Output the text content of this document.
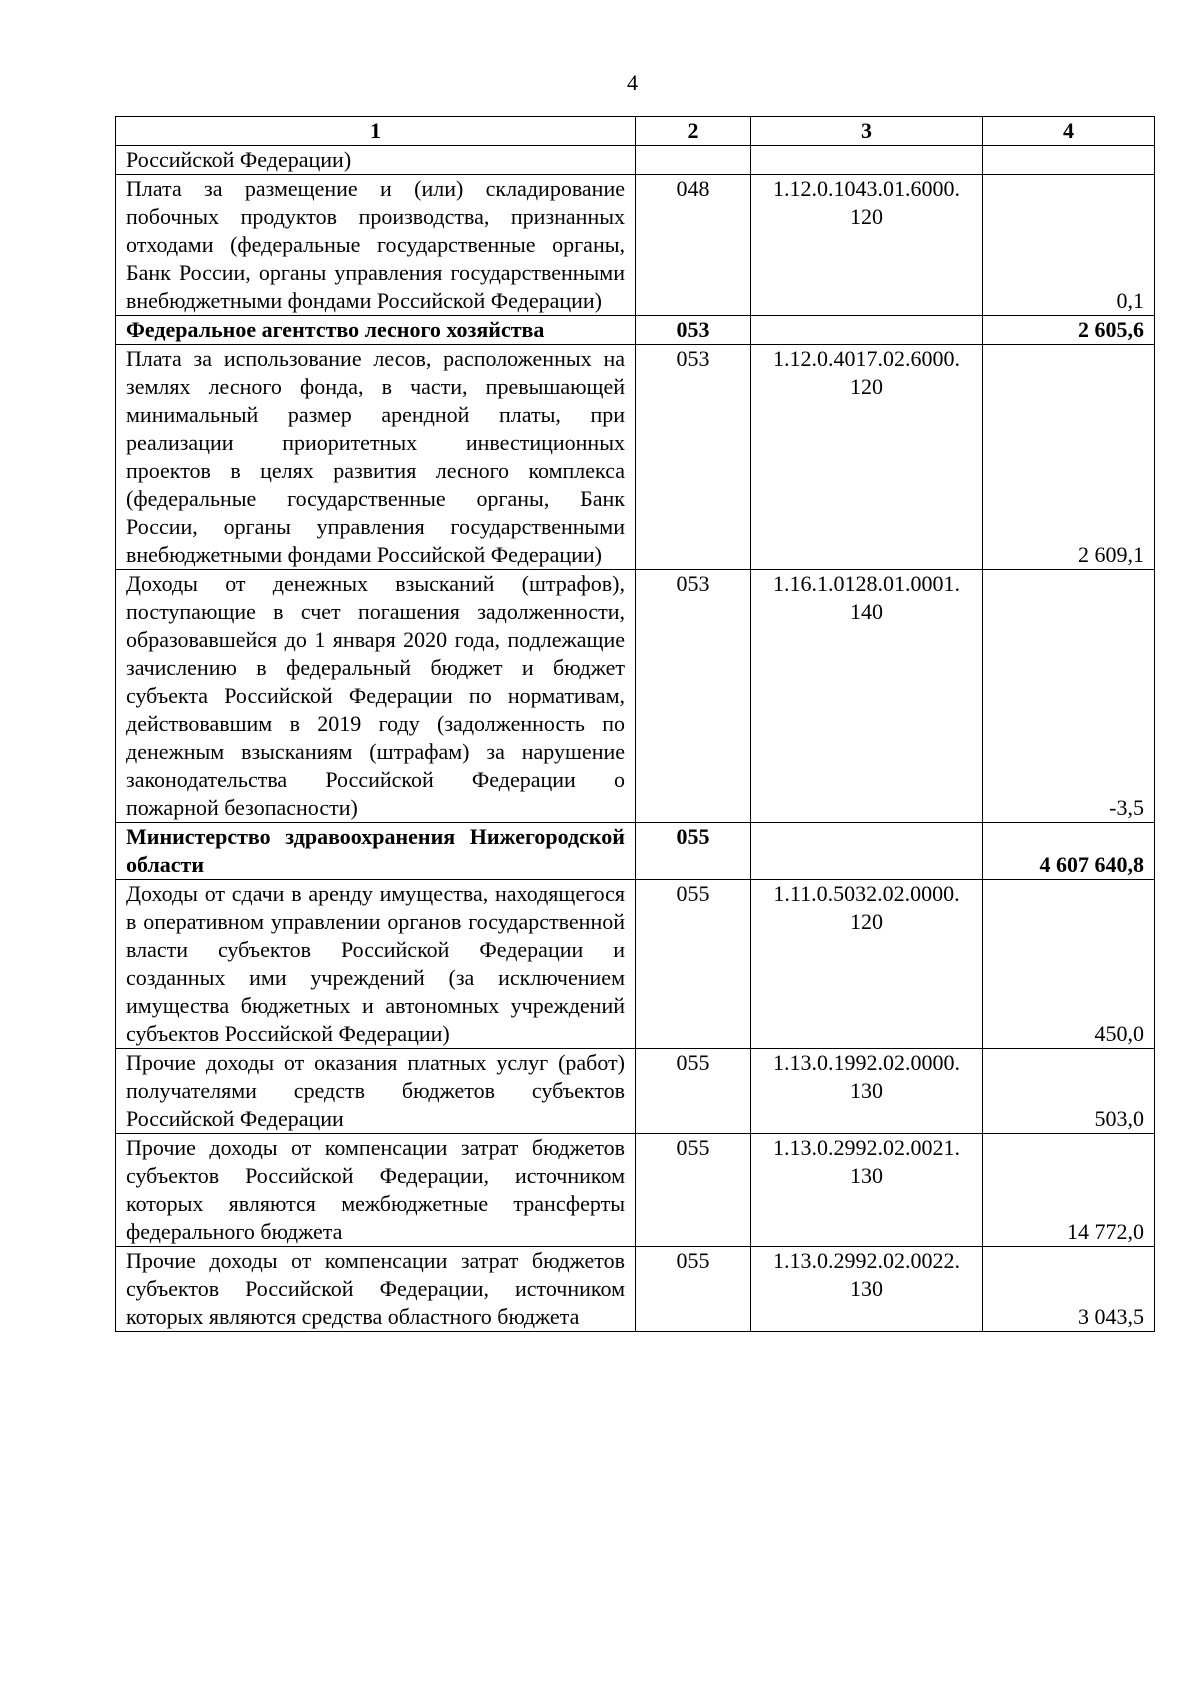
4
1	2	3	4
Российской Федерации)			
Плата за размещение и (или) складирование побочных продуктов производства, признанных отходами (федеральные государственные органы, Банк России, органы управления государственными внебюджетными фондами Российской Федерации)	048	1.12.0.1043.01.6000. 120	0,1
Федеральное агентство лесного хозяйства	053		2 605,6
Плата за использование лесов, расположенных на землях лесного фонда, в части, превышающей минимальный размер арендной платы, при реализации приоритетных инвестиционных проектов в целях развития лесного комплекса (федеральные государственные органы, Банк России, органы управления государственными внебюджетными фондами Российской Федерации)	053	1.12.0.4017.02.6000. 120	2 609,1
Доходы от денежных взысканий (штрафов), поступающие в счет погашения задолженности, образовавшейся до 1 января 2020 года, подлежащие зачислению в федеральный бюджет и бюджет субъекта Российской Федерации по нормативам, действовавшим в 2019 году (задолженность по денежным взысканиям (штрафам) за нарушение законодательства Российской Федерации о пожарной безопасности)	053	1.16.1.0128.01.0001. 140	-3,5
Министерство здравоохранения Нижегородской области	055		4 607 640,8
Доходы от сдачи в аренду имущества, находящегося в оперативном управлении органов государственной власти субъектов Российской Федерации и созданных ими учреждений (за исключением имущества бюджетных и автономных учреждений субъектов Российской Федерации)	055	1.11.0.5032.02.0000. 120	450,0
Прочие доходы от оказания платных услуг (работ) получателями средств бюджетов субъектов Российской Федерации	055	1.13.0.1992.02.0000. 130	503,0
Прочие доходы от компенсации затрат бюджетов субъектов Российской Федерации, источником которых являются межбюджетные трансферты федерального бюджета	055	1.13.0.2992.02.0021. 130	14 772,0
Прочие доходы от компенсации затрат бюджетов субъектов Российской Федерации, источником которых являются средства областного бюджета	055	1.13.0.2992.02.0022. 130	3 043,5
